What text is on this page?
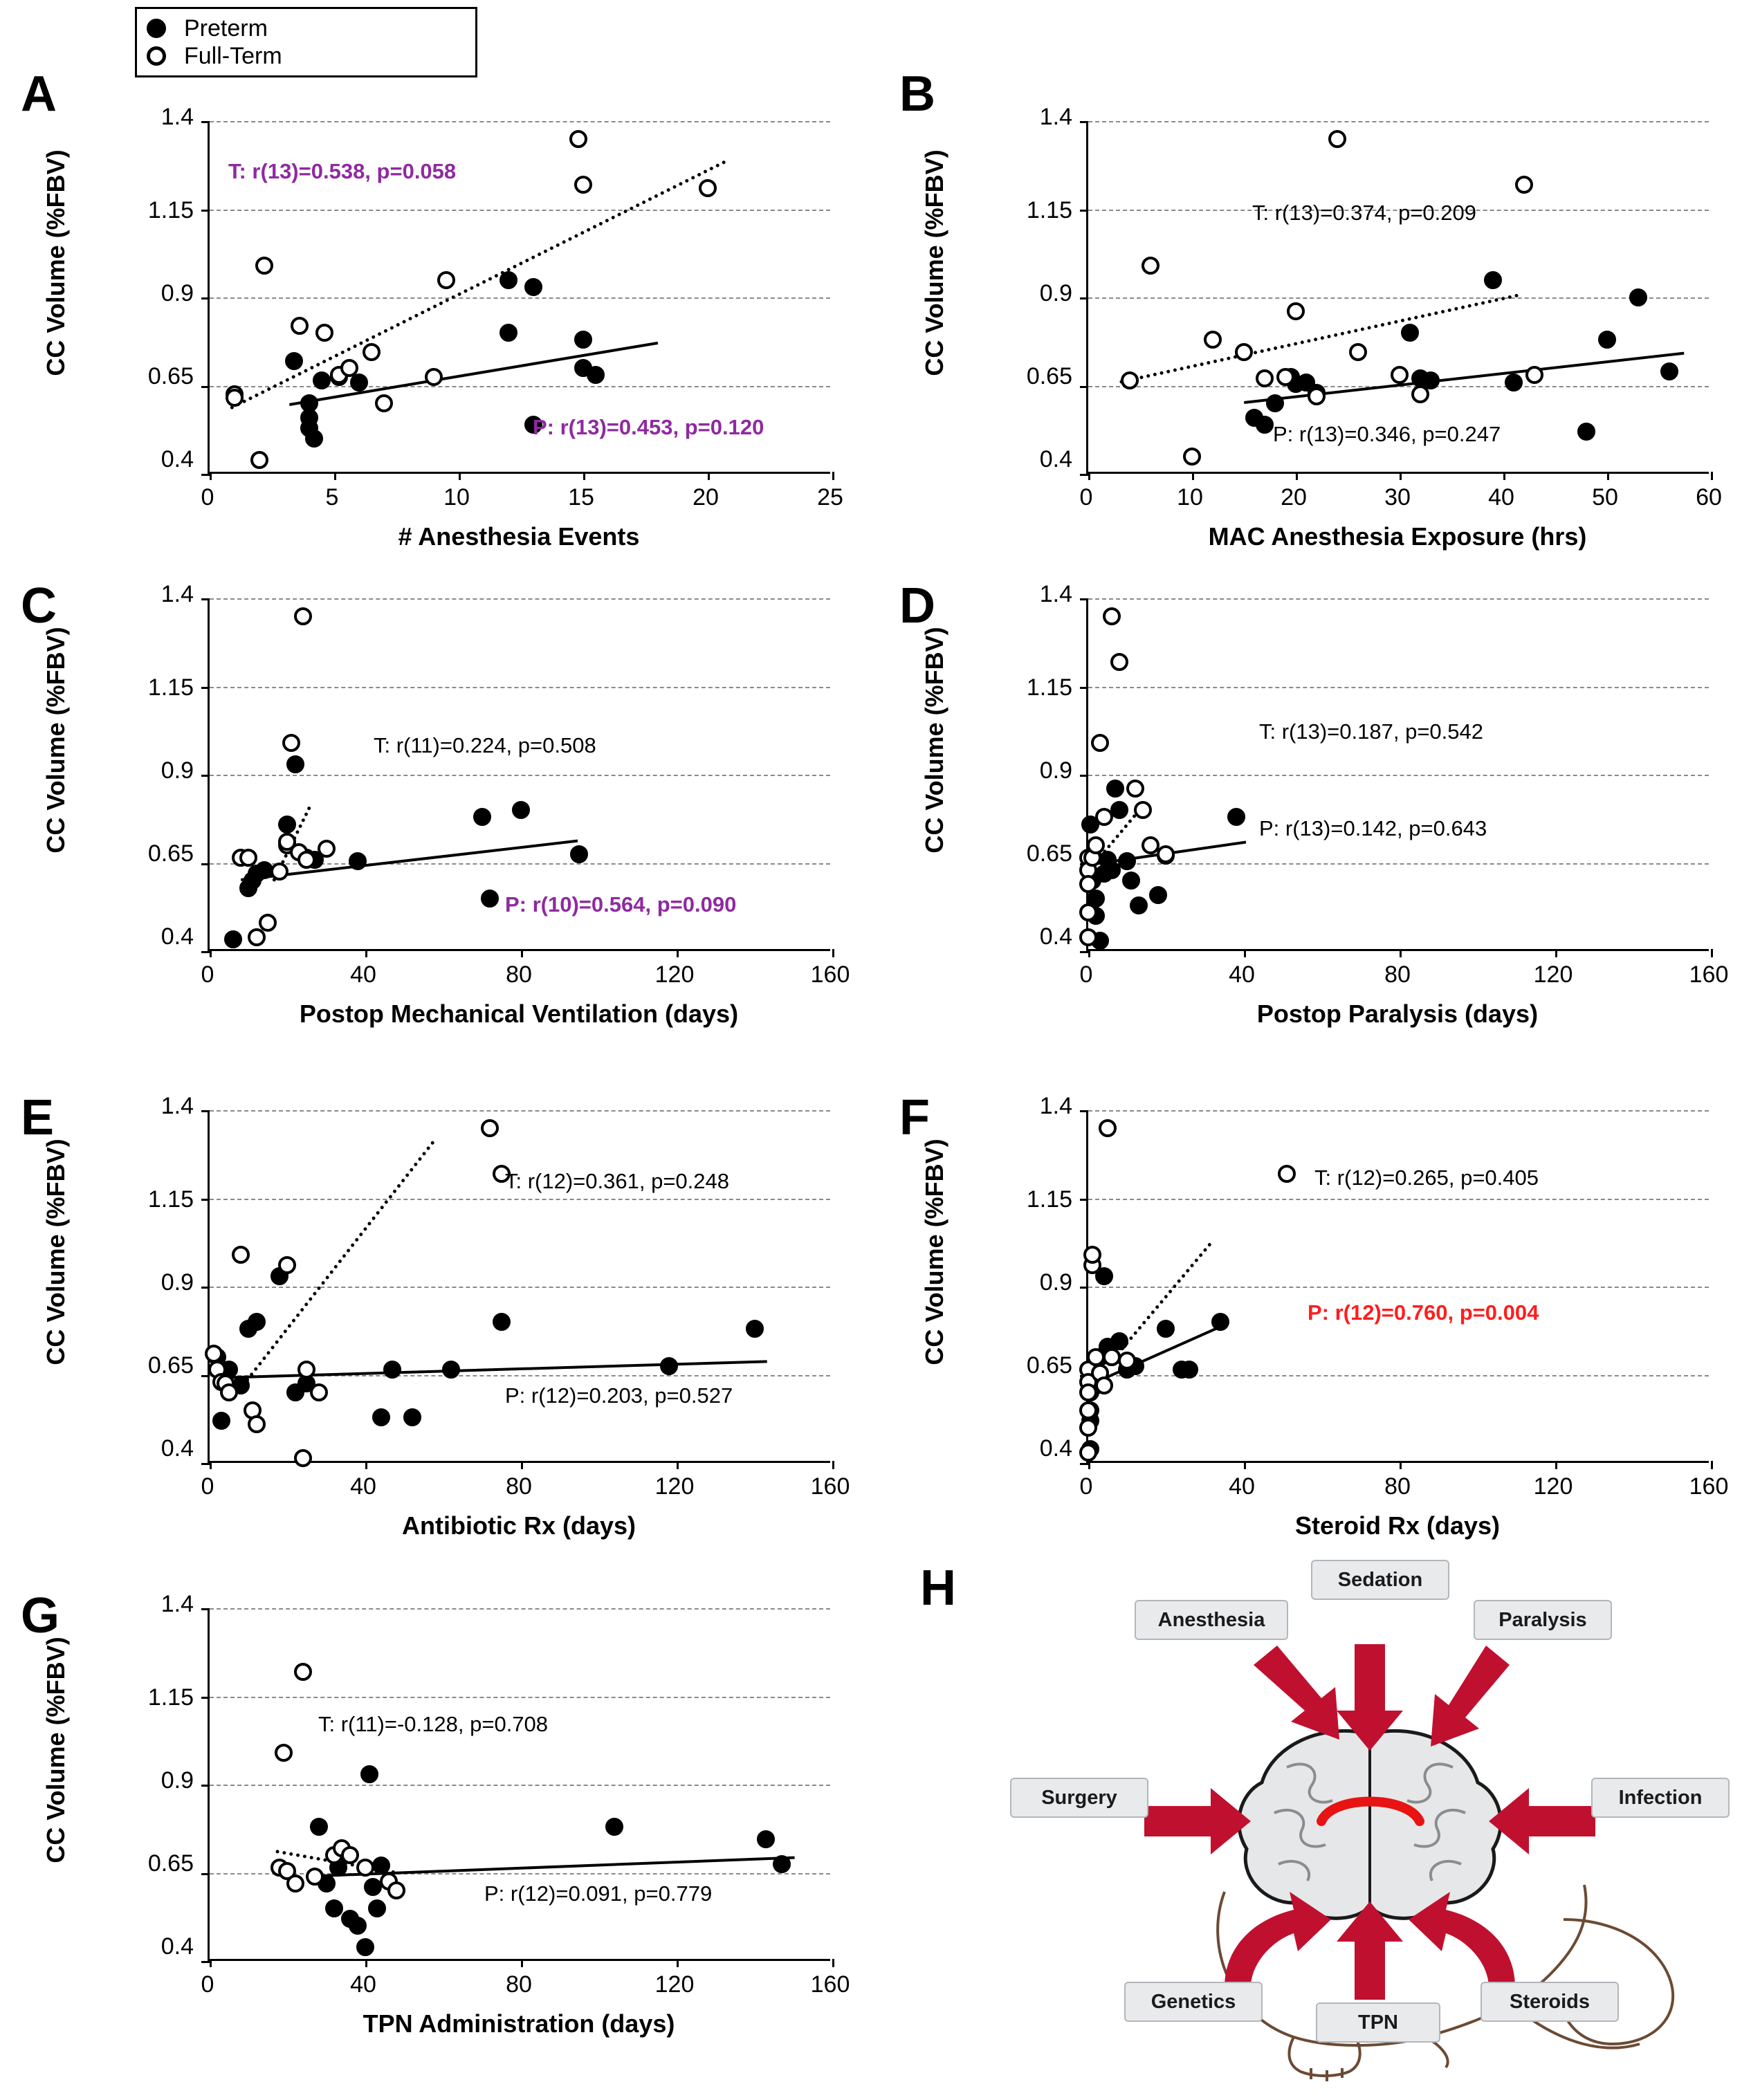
Preterm
Full-Term
A
CC Volume (%FBV)
1.4
1.15
0.9
0.65
0.4
T: r(13)=0.538, p=0.058
P: r(13)=0.453, p=0.120
0	5	10	15	20	25
# Anesthesia Events
B
CC Volume (%FBV)
1.4
1.15
0.9
0.65
0.4
T: r(13)=0.374, p=0.209
P: r(13)=0.346, p=0.247
0	10	20	30	40	50	60
MAC Anesthesia Exposure (hrs)
C
CC Volume (%FBV)
1.4
1.15
0.9
0.65
0.4
T: r(11)=0.224, p=0.508
P: r(10)=0.564, p=0.090
0	40	80	120	160
Postop Mechanical Ventilation (days)
D
CC Volume (%FBV)
1.4
1.15
0.9
0.65
0.4
T: r(13)=0.187, p=0.542
P: r(13)=0.142, p=0.643
0	40	80	120	160
Postop Paralysis (days)
E
CC Volume (%FBV)
1.4
1.15
0.9
0.65
0.4
T: r(12)=0.361, p=0.248
P: r(12)=0.203, p=0.527
0	40	80	120	160
Antibiotic Rx (days)
F
CC Volume (%FBV)
1.4
1.15
0.9
0.65
0.4
T: r(12)=0.265, p=0.405
P: r(12)=0.760, p=0.004
0	40	80	120	160
Steroid Rx (days)
G
CC Volume (%FBV)
1.4
1.15
0.9
0.65
0.4
T: r(11)=-0.128, p=0.708
P: r(12)=0.091, p=0.779
0	40	80	120	160
TPN Administration (days)
H	Sedation
Anesthesia	Paralysis
Surgery	Infection
Genetics
TPN
Steroids
